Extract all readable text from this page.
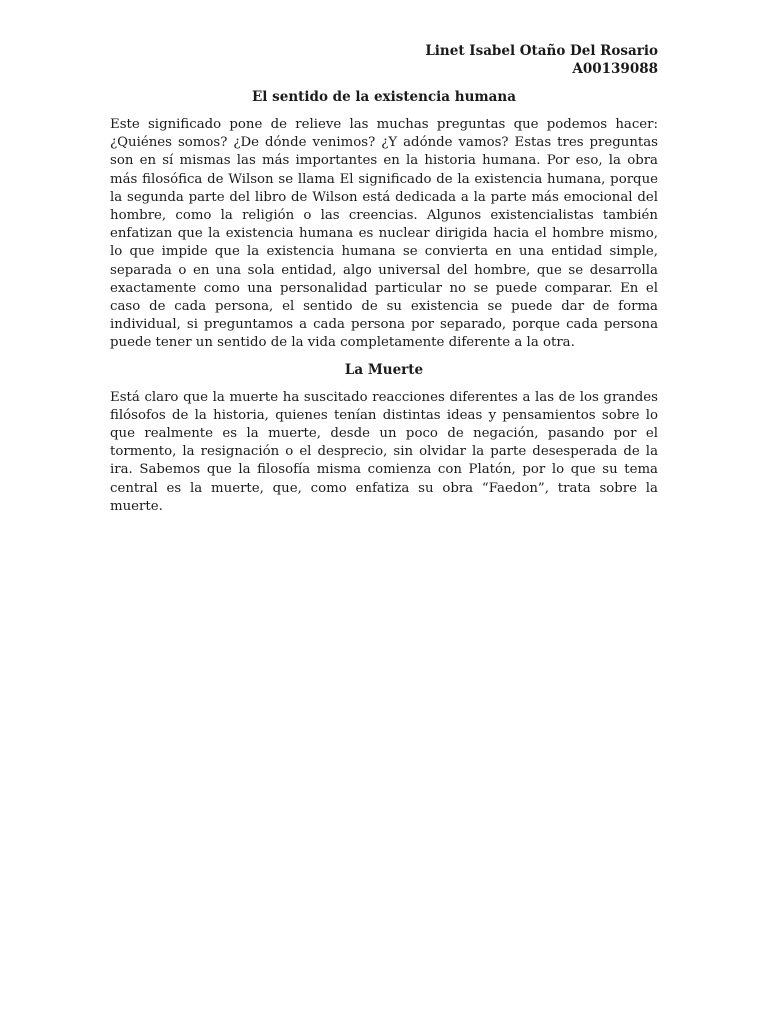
Linet Isabel Otaño Del Rosario
A00139088
El sentido de la existencia humana

Este significado pone de relieve las muchas preguntas que podemos hacer: ¿Quiénes somos? ¿De dónde venimos? ¿Y adónde vamos? Estas tres preguntas son en sí mismas las más importantes en la historia humana. Por eso, la obra más filosófica de Wilson se llama El significado de la existencia humana, porque la segunda parte del libro de Wilson está dedicada a la parte más emocional del hombre, como la religión o las creencias. Algunos existencialistas también enfatizan que la existencia humana es nuclear dirigida hacia el hombre mismo, lo que impide que la existencia humana se convierta en una entidad simple, separada o en una sola entidad, algo universal del hombre, que se desarrolla exactamente como una personalidad particular no se puede comparar. En el caso de cada persona, el sentido de su existencia se puede dar de forma individual, si preguntamos a cada persona por separado, porque cada persona puede tener un sentido de la vida completamente diferente a la otra.

La Muerte

Está claro que la muerte ha suscitado reacciones diferentes a las de los grandes filósofos de la historia, quienes tenían distintas ideas y pensamientos sobre lo que realmente es la muerte, desde un poco de negación, pasando por el tormento, la resignación o el desprecio, sin olvidar la parte desesperada de la ira. Sabemos que la filosofía misma comienza con Platón, por lo que su tema central es la muerte, que, como enfatiza su obra “Faedon”, trata sobre la muerte.
